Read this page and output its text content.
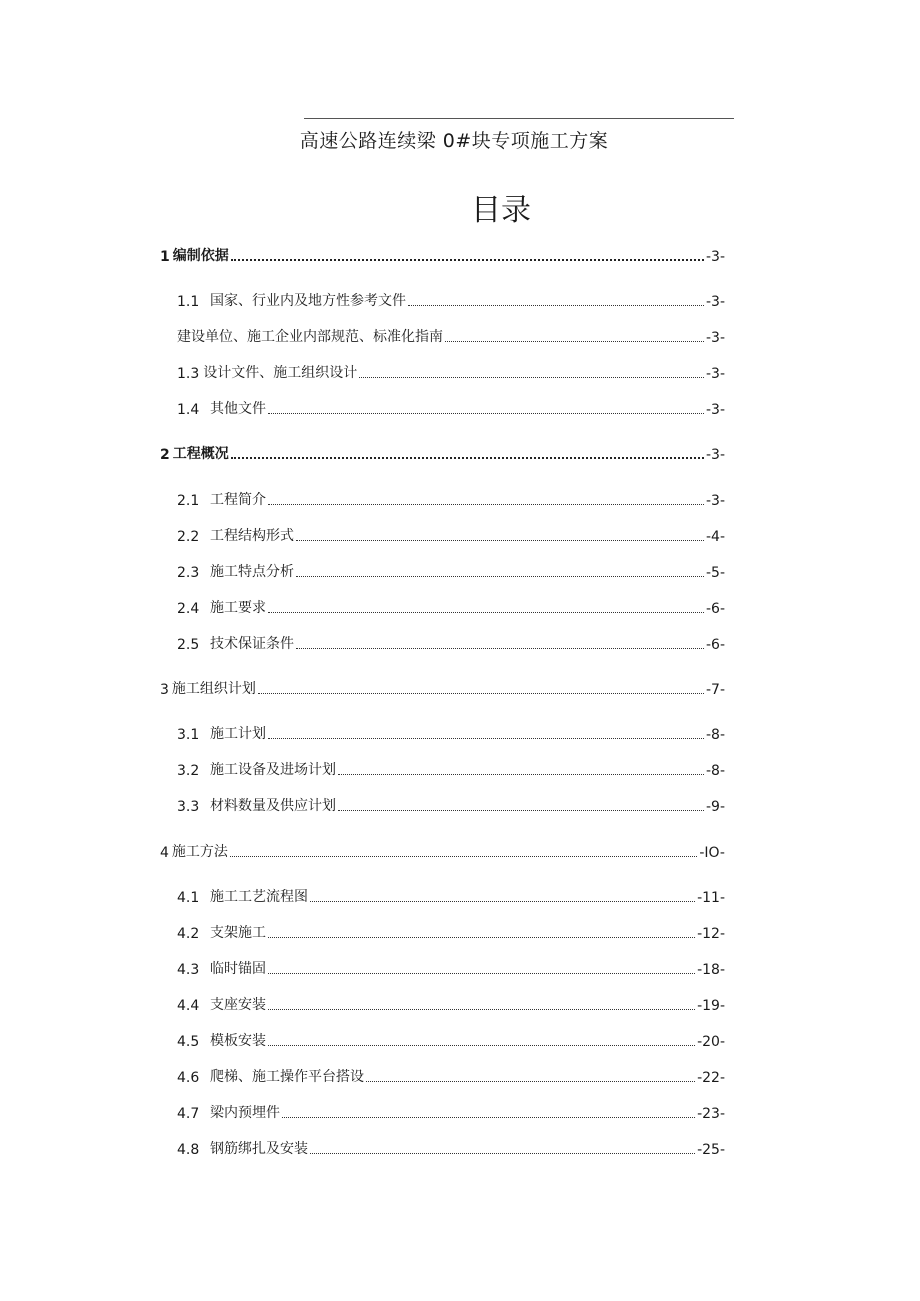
高速公路连续梁 0#块专项施工方案
目录
1 编制依据	-3-
1.1 国家、行业内及地方性参考文件	-3-
建设单位、施工企业内部规范、标准化指南	-3-
1.3 设计文件、施工组织设计	-3-
1.4 其他文件	-3-
2 工程概况	-3-
2.1 工程简介	-3-
2.2 工程结构形式	-4-
2.3 施工特点分析	-5-
2.4 施工要求	-6-
2.5 技术保证条件	-6-
3 施工组织计划	-7-
3.1 施工计划	-8-
3.2 施工设备及进场计划	-8-
3.3 材料数量及供应计划	-9-
4 施工方法	-IO-
4.1 施工工艺流程图	-11-
4.2 支架施工	-12-
4.3 临时锚固	-18-
4.4 支座安装	-19-
4.5 模板安装	-20-
4.6 爬梯、施工操作平台搭设	-22-
4.7 梁内预埋件	-23-
4.8 钢筋绑扎及安装	-25-
